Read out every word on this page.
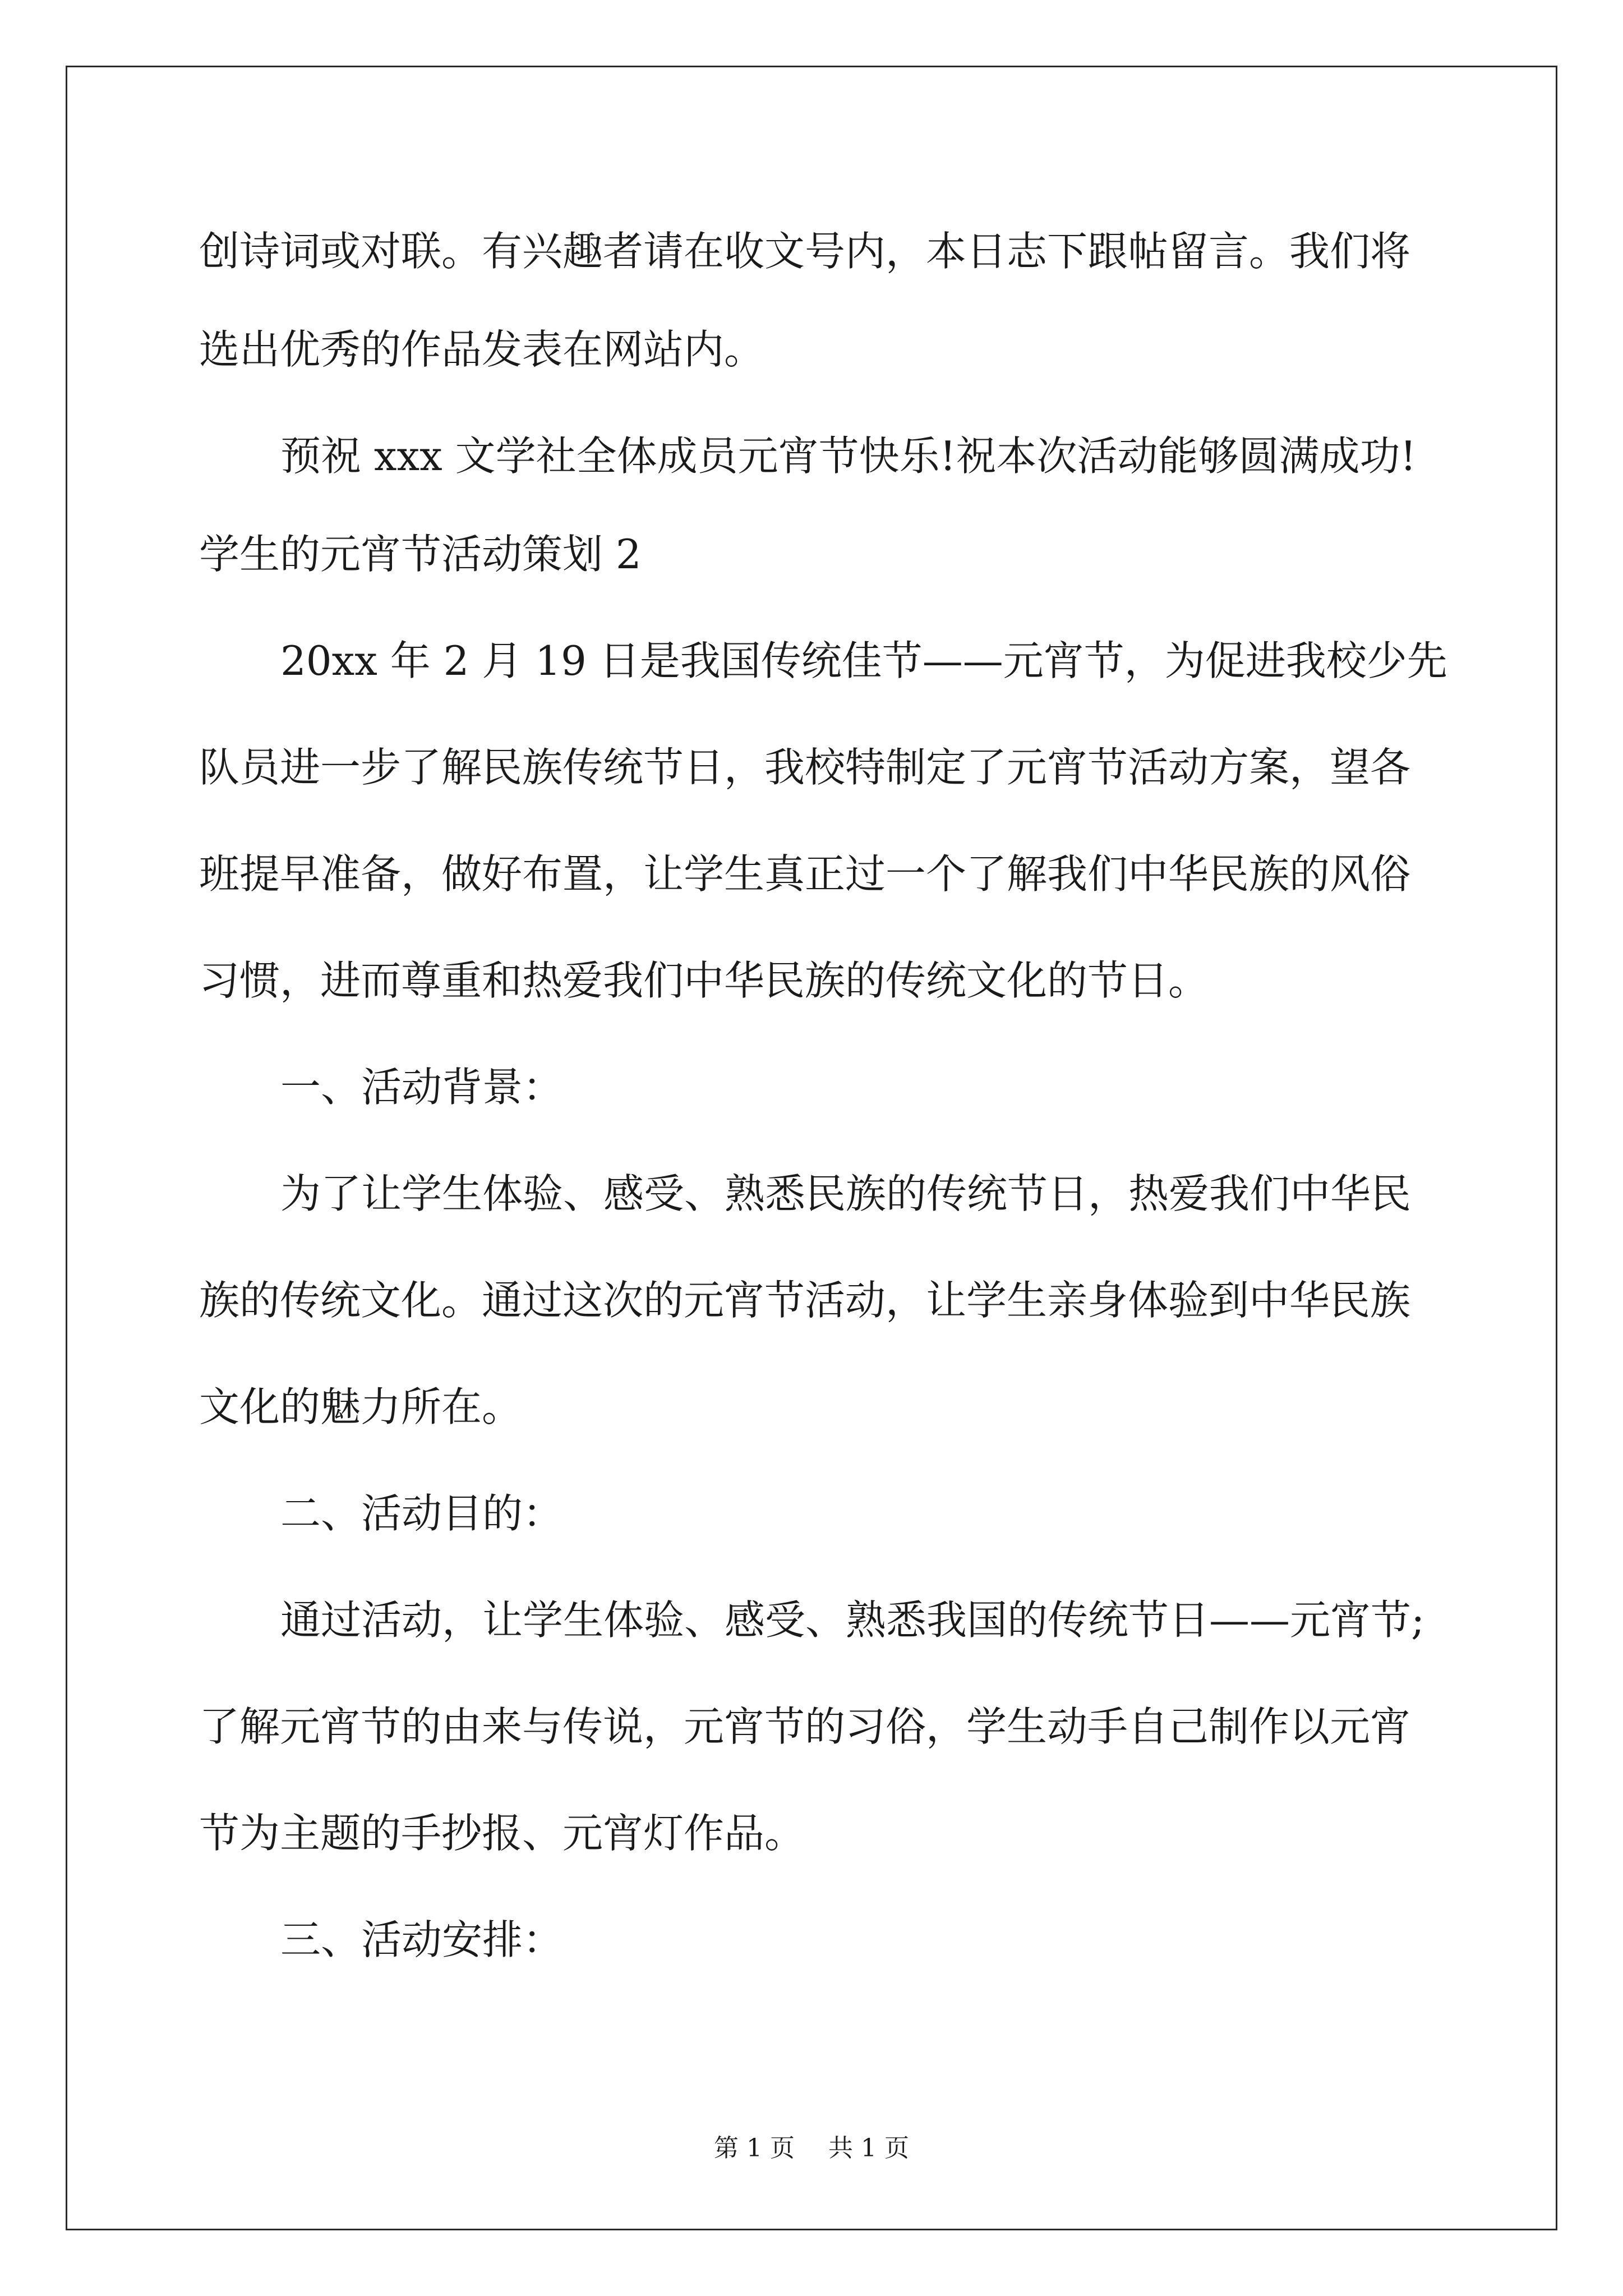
创诗词或对联。有兴趣者请在收文号内，本日志下跟帖留言。我们将
选出优秀的作品发表在网站内。
预祝 xxx 文学社全体成员元宵节快乐!祝本次活动能够圆满成功!
学生的元宵节活动策划 2
20xx 年 2 月 19 日是我国传统佳节——元宵节，为促进我校少先
队员进一步了解民族传统节日，我校特制定了元宵节活动方案，望各
班提早准备，做好布置，让学生真正过一个了解我们中华民族的风俗
习惯，进而尊重和热爱我们中华民族的传统文化的节日。
一、活动背景：
为了让学生体验、感受、熟悉民族的传统节日，热爱我们中华民
族的传统文化。通过这次的元宵节活动，让学生亲身体验到中华民族
文化的魅力所在。
二、活动目的：
通过活动，让学生体验、感受、熟悉我国的传统节日——元宵节;
了解元宵节的由来与传说，元宵节的习俗，学生动手自己制作以元宵
节为主题的手抄报、元宵灯作品。
三、活动安排：
第 1 页 共 1 页
